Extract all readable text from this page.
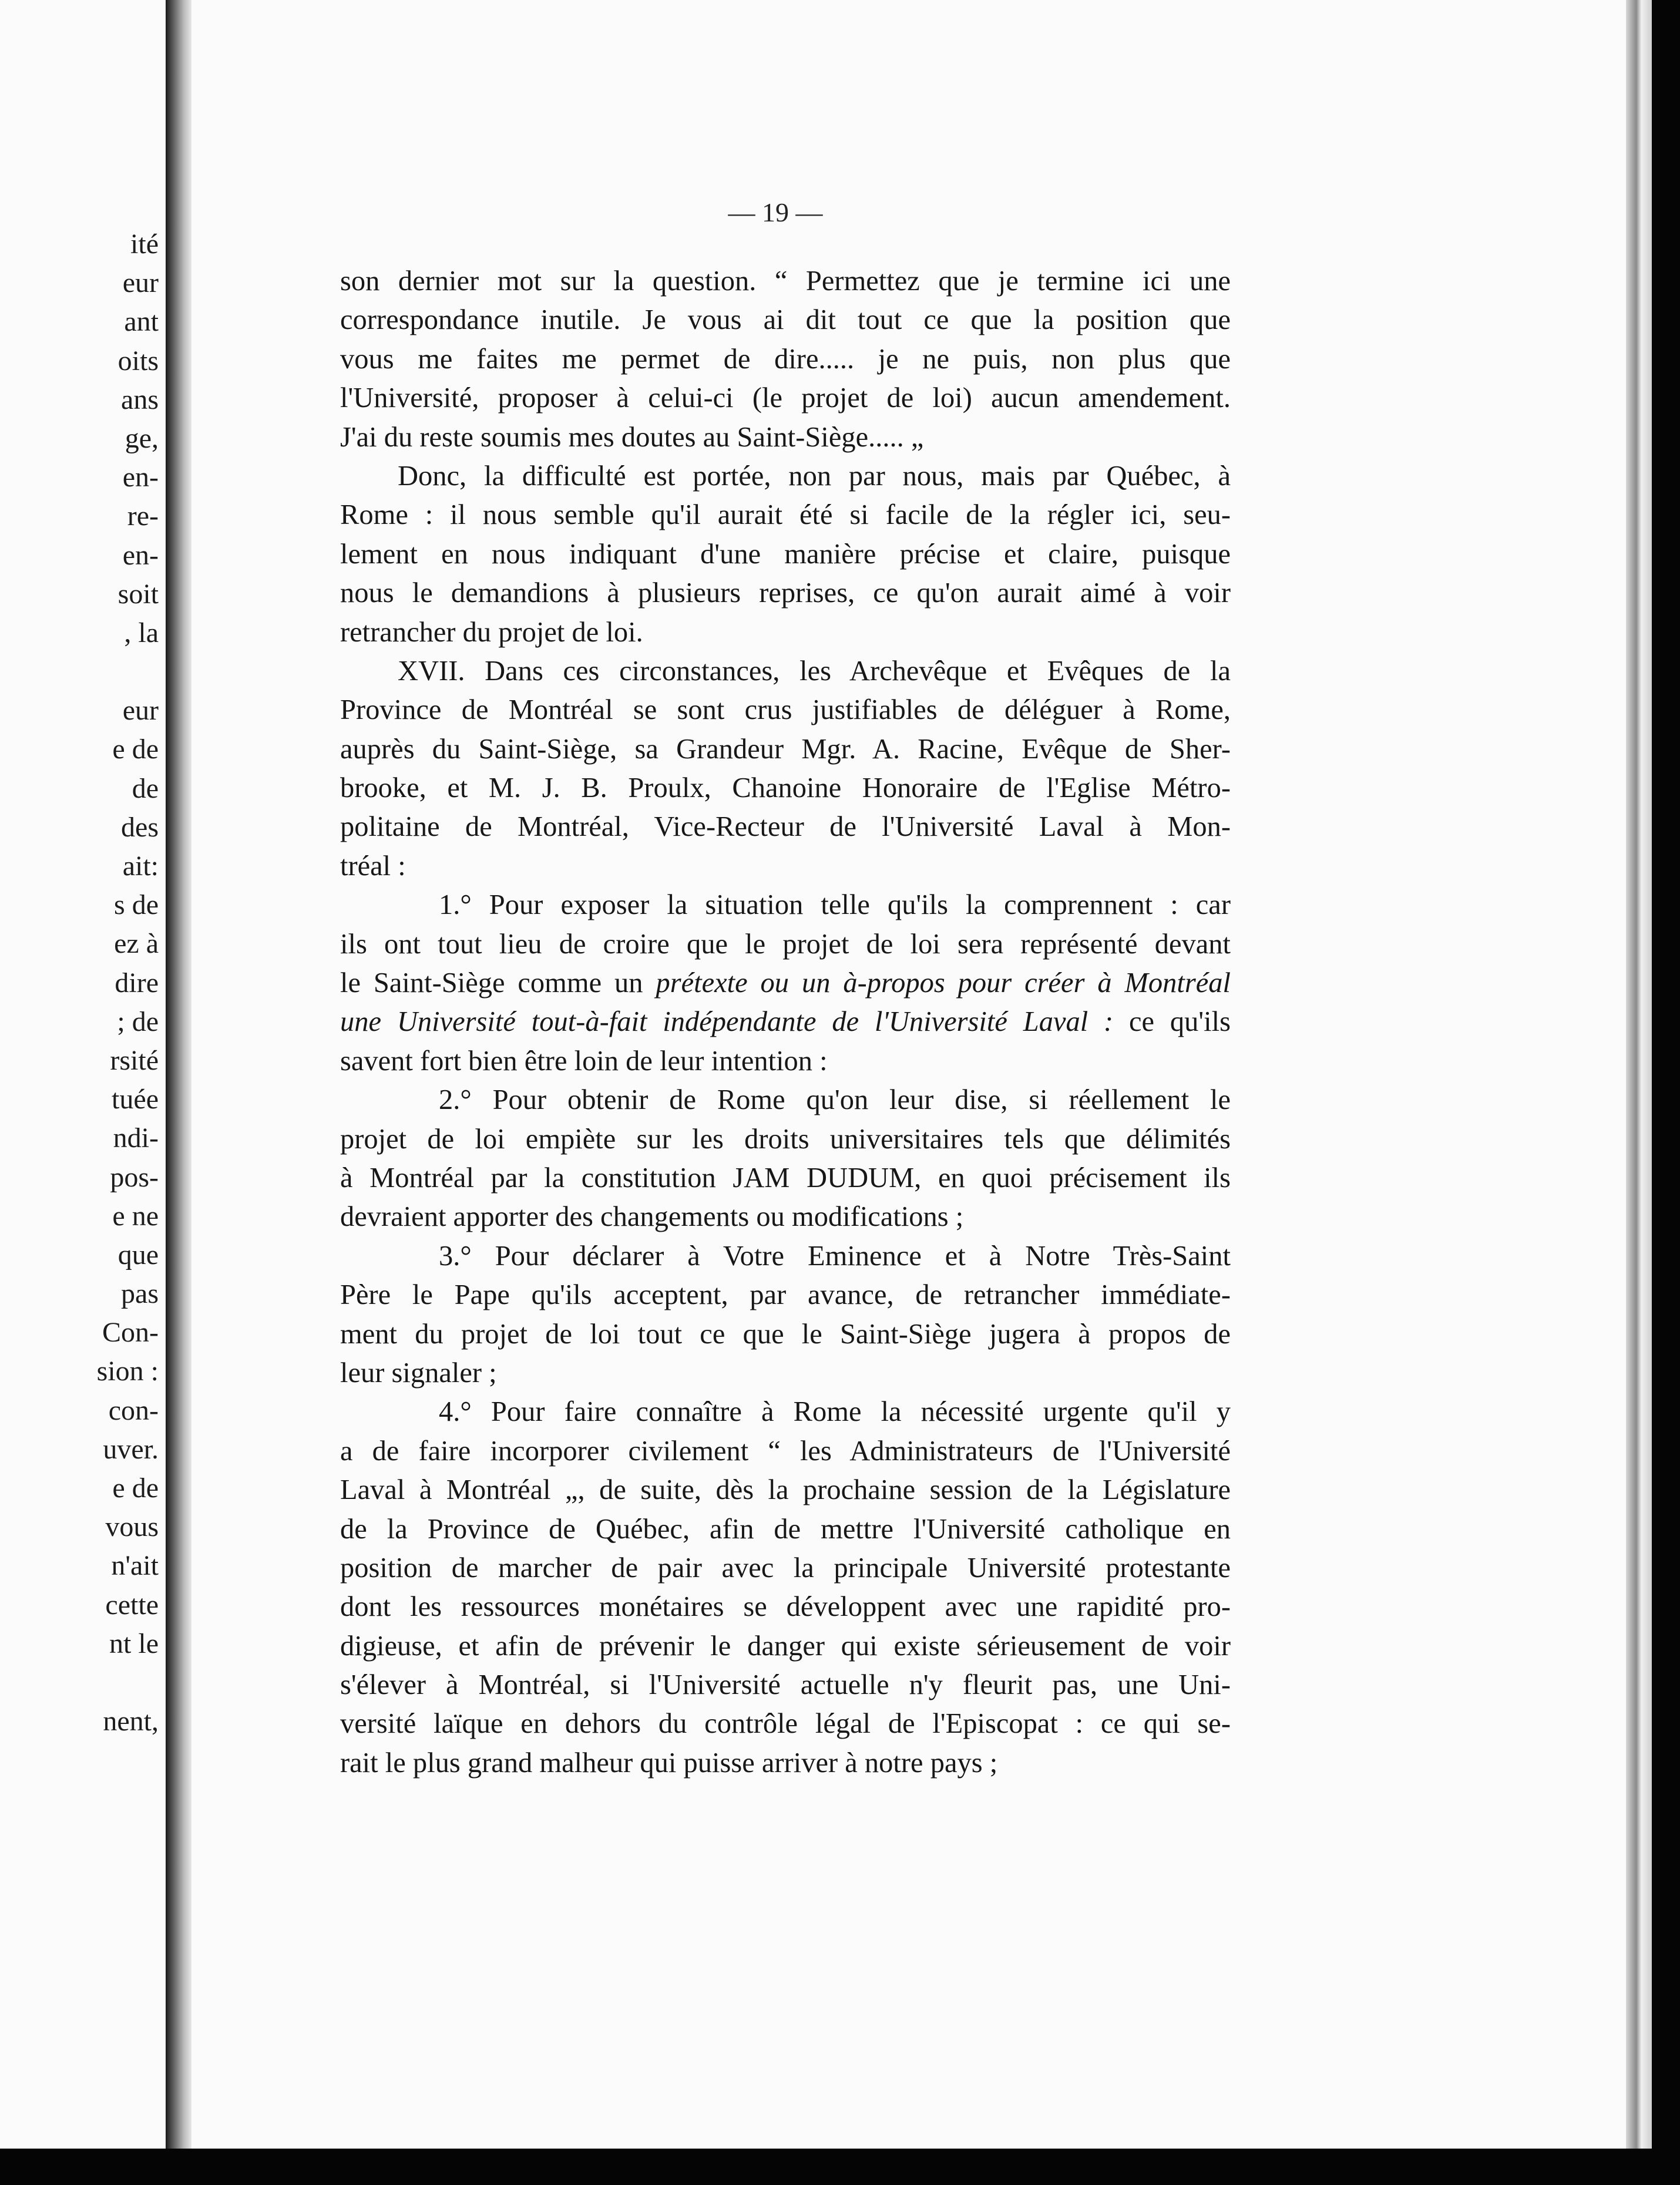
ité
eur
ant
oits
ans
ge,
en-
re-
en-
soit
, la
eur
e de
de
des
ait:
s de
ez à
dire
; de
rsité
tuée
ndi-
pos-
e ne
que
pas
Con-
sion :
con-
uver.
e de
vous
n'ait
cette
nt le
nent,
— 19 —
son dernier mot sur la question. “ Permettez que je termine ici une
correspondance inutile. Je vous ai dit tout ce que la position que
vous me faites me permet de dire..... je ne puis, non plus que
l'Université, proposer à celui-ci (le projet de loi) aucun amendement.
J'ai du reste soumis mes doutes au Saint-Siège..... „
Donc, la difficulté est portée, non par nous, mais par Québec, à
Rome : il nous semble qu'il aurait été si facile de la régler ici, seu-
lement en nous indiquant d'une manière précise et claire, puisque
nous le demandions à plusieurs reprises, ce qu'on aurait aimé à voir
retrancher du projet de loi.
XVII. Dans ces circonstances, les Archevêque et Evêques de la
Province de Montréal se sont crus justifiables de déléguer à Rome,
auprès du Saint-Siège, sa Grandeur Mgr. A. Racine, Evêque de Sher-
brooke, et M. J. B. Proulx, Chanoine Honoraire de l'Eglise Métro-
politaine de Montréal, Vice-Recteur de l'Université Laval à Mon-
tréal :
1.° Pour exposer la situation telle qu'ils la comprennent : car
ils ont tout lieu de croire que le projet de loi sera représenté devant
le Saint-Siège comme un prétexte ou un à-propos pour créer à Montréal
une Université tout-à-fait indépendante de l'Université Laval : ce qu'ils
savent fort bien être loin de leur intention :
2.° Pour obtenir de Rome qu'on leur dise, si réellement le
projet de loi empiète sur les droits universitaires tels que délimités
à Montréal par la constitution JAM DUDUM, en quoi précisement ils
devraient apporter des changements ou modifications ;
3.° Pour déclarer à Votre Eminence et à Notre Très-Saint
Père le Pape qu'ils acceptent, par avance, de retrancher immédiate-
ment du projet de loi tout ce que le Saint-Siège jugera à propos de
leur signaler ;
4.° Pour faire connaître à Rome la nécessité urgente qu'il y
a de faire incorporer civilement “ les Administrateurs de l'Université
Laval à Montréal „, de suite, dès la prochaine session de la Législature
de la Province de Québec, afin de mettre l'Université catholique en
position de marcher de pair avec la principale Université protestante
dont les ressources monétaires se développent avec une rapidité pro-
digieuse, et afin de prévenir le danger qui existe sérieusement de voir
s'élever à Montréal, si l'Université actuelle n'y fleurit pas, une Uni-
versité laïque en dehors du contrôle légal de l'Episcopat : ce qui se-
rait le plus grand malheur qui puisse arriver à notre pays ;
